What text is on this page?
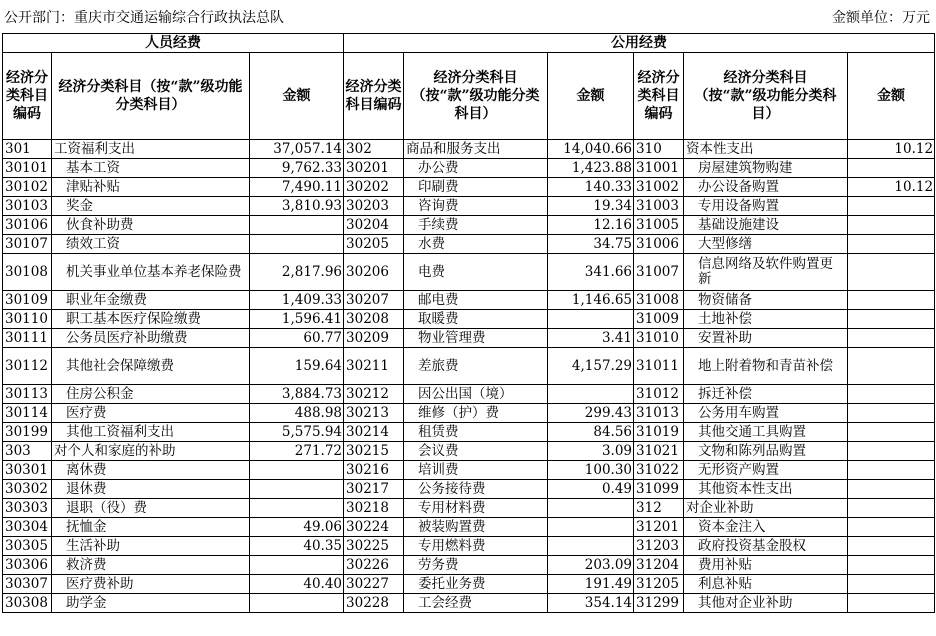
公开部门：重庆市交通运输综合行政执法总队	金额单位：万元
人员经费			公用经费					
经济分类科目编码	经济分类科目（按“款”级功能分类科目）	金额	经济分类科目编码	经济分类科目（按“款”级功能分类科目）	金额	经济分类科目编码	经济分类科目（按“款”级功能分类科目）	金额
301	工资福利支出	37,057.14	302	商品和服务支出	14,040.66	310	资本性支出	10.12
30101	基本工资	9,762.33	30201	办公费	1,423.88	31001	房屋建筑物购建	
30102	津贴补贴	7,490.11	30202	印刷费	140.33	31002	办公设备购置	10.12
30103	奖金	3,810.93	30203	咨询费	19.34	31003	专用设备购置	
30106	伙食补助费		30204	手续费	12.16	31005	基础设施建设	
30107	绩效工资		30205	水费	34.75	31006	大型修缮	
30108	机关事业单位基本养老保险费	2,817.96	30206	电费	341.66	31007	信息网络及软件购置更新	
30109	职业年金缴费	1,409.33	30207	邮电费	1,146.65	31008	物资储备	
30110	职工基本医疗保险缴费	1,596.41	30208	取暖费		31009	土地补偿	
30111	公务员医疗补助缴费	60.77	30209	物业管理费	3.41	31010	安置补助	
30112	其他社会保障缴费	159.64	30211	差旅费	4,157.29	31011	地上附着物和青苗补偿	
30113	住房公积金	3,884.73	30212	因公出国（境）		31012	拆迁补偿	
30114	医疗费	488.98	30213	维修（护）费	299.43	31013	公务用车购置	
30199	其他工资福利支出	5,575.94	30214	租赁费	84.56	31019	其他交通工具购置	
303	对个人和家庭的补助	271.72	30215	会议费	3.09	31021	文物和陈列品购置	
30301	离休费		30216	培训费	100.30	31022	无形资产购置	
30302	退休费		30217	公务接待费	0.49	31099	其他资本性支出	
30303	退职（役）费		30218	专用材料费		312	对企业补助	
30304	抚恤金	49.06	30224	被装购置费		31201	资本金注入	
30305	生活补助	40.35	30225	专用燃料费		31203	政府投资基金股权	
30306	救济费		30226	劳务费	203.09	31204	费用补贴	
30307	医疗费补助	40.40	30227	委托业务费	191.49	31205	利息补贴	
30308	助学金		30228	工会经费	354.14	31299	其他对企业补助	
